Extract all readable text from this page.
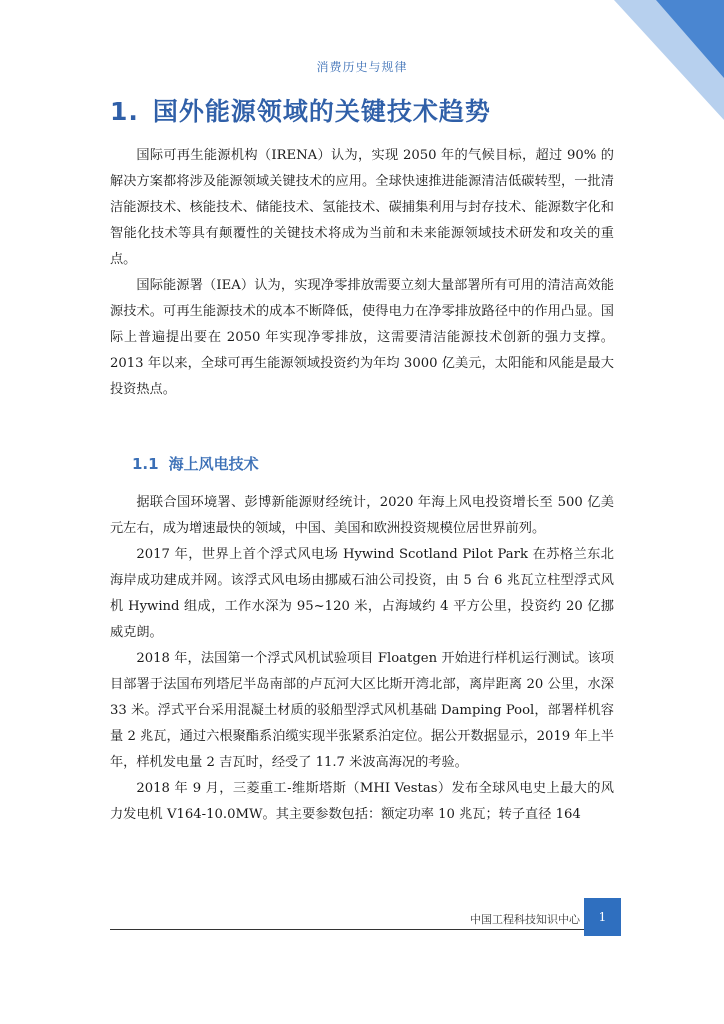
消费历史与规律
1. 国外能源领域的关键技术趋势

国际可再生能源机构（IRENA）认为，实现 2050 年的气候目标，超过 90% 的解决方案都将涉及能源领域关键技术的应用。全球快速推进能源清洁低碳转型，一批清洁能源技术、核能技术、储能技术、氢能技术、碳捕集利用与封存技术、能源数字化和智能化技术等具有颠覆性的关键技术将成为当前和未来能源领域技术研发和攻关的重点。

国际能源署（IEA）认为，实现净零排放需要立刻大量部署所有可用的清洁高效能源技术。可再生能源技术的成本不断降低，使得电力在净零排放路径中的作用凸显。国际上普遍提出要在 2050 年实现净零排放，这需要清洁能源技术创新的强力支撑。2013 年以来，全球可再生能源领域投资约为年均 3000 亿美元，太阳能和风能是最大投资热点。

1.1 海上风电技术

据联合国环境署、彭博新能源财经统计，2020 年海上风电投资增长至 500 亿美元左右，成为增速最快的领域，中国、美国和欧洲投资规模位居世界前列。

2017 年，世界上首个浮式风电场 Hywind Scotland Pilot Park 在苏格兰东北海岸成功建成并网。该浮式风电场由挪威石油公司投资，由 5 台 6 兆瓦立柱型浮式风机 Hywind 组成，工作水深为 95~120 米，占海域约 4 平方公里，投资约 20 亿挪威克朗。

2018 年，法国第一个浮式风机试验项目 Floatgen 开始进行样机运行测试。该项目部署于法国布列塔尼半岛南部的卢瓦河大区比斯开湾北部，离岸距离 20 公里，水深 33 米。浮式平台采用混凝土材质的驳船型浮式风机基础 Damping Pool，部署样机容量 2 兆瓦，通过六根聚酯系泊缆实现半张紧系泊定位。据公开数据显示，2019 年上半年，样机发电量 2 吉瓦时，经受了 11.7 米波高海况的考验。

2018 年 9 月，三菱重工-维斯塔斯（MHI Vestas）发布全球风电史上最大的风力发电机 V164-10.0MW。其主要参数包括：额定功率 10 兆瓦；转子直径 164

中国工程科技知识中心 1
